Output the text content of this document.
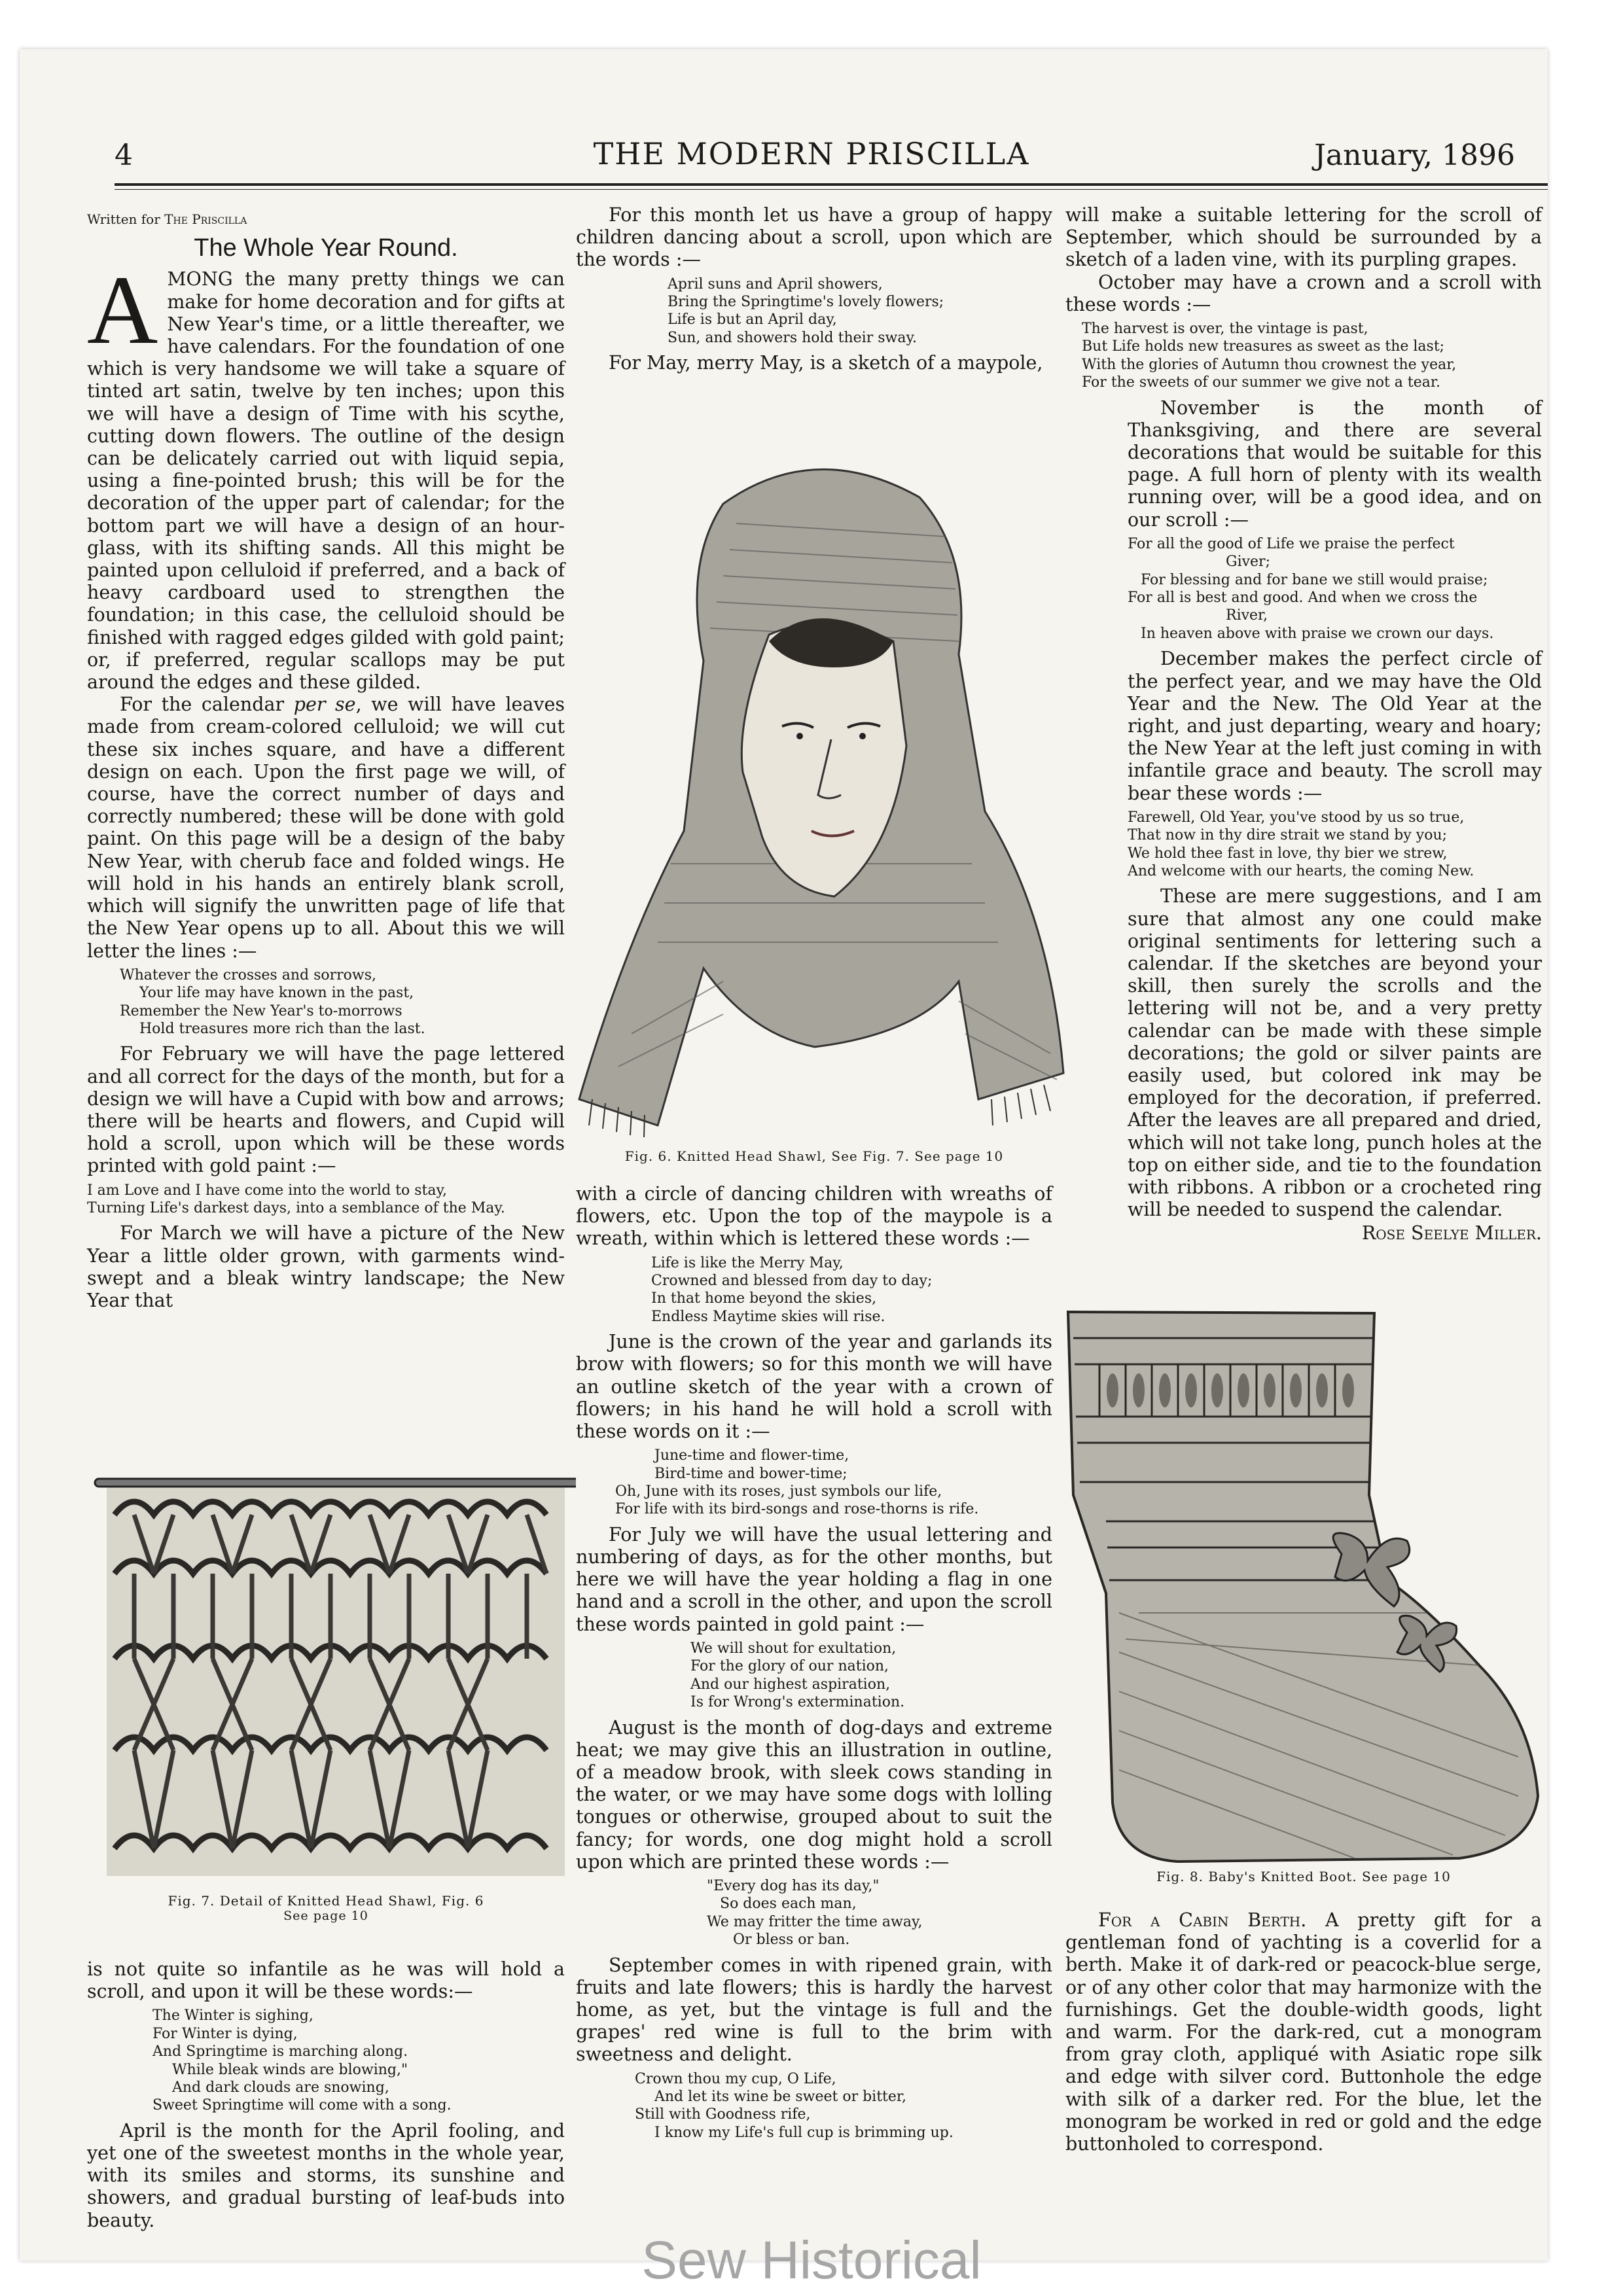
4	THE MODERN PRISCILLA	January, 1896

Written for The Priscilla

The Whole Year Round.

AMONG the many pretty things we can make for home decoration and for gifts at New Year's time, or a little thereafter, we have calendars. For the foundation of one which is very handsome we will take a square of tinted art satin, twelve by ten inches; upon this we will have a design of Time with his scythe, cutting down flowers. The outline of the design can be delicately carried out with liquid sepia, using a fine-pointed brush; this will be for the decoration of the upper part of calendar; for the bottom part we will have a design of an hour-glass, with its shifting sands. All this might be painted upon celluloid if preferred, and a back of heavy cardboard used to strengthen the foundation; in this case, the celluloid should be finished with ragged edges gilded with gold paint; or, if preferred, regular scallops may be put around the edges and these gilded.

For the calendar per se, we will have leaves made from cream-colored celluloid; we will cut these six inches square, and have a different design on each. Upon the first page we will, of course, have the correct number of days and correctly numbered; these will be done with gold paint. On this page will be a design of the baby New Year, with cherub face and folded wings. He will hold in his hands an entirely blank scroll, which will signify the unwritten page of life that the New Year opens up to all. About this we will letter the lines :—

Whatever the crosses and sorrows,
Your life may have known in the past,
Remember the New Year's to-morrows
Hold treasures more rich than the last.

For February we will have the page lettered and all correct for the days of the month, but for a design we will have a Cupid with bow and arrows; there will be hearts and flowers, and Cupid will hold a scroll, upon which will be these words printed with gold paint :—

I am Love and I have come into the world to stay,
Turning Life's darkest days, into a semblance of the May.

For March we will have a picture of the New Year a little older grown, with garments wind-swept and a bleak wintry landscape; the New Year that

Fig. 7. Detail of Knitted Head Shawl, Fig. 6
See page 10

is not quite so infantile as he was will hold a scroll, and upon it will be these words:—

The Winter is sighing,
For Winter is dying,
And Springtime is marching along.
While bleak winds are blowing,"
And dark clouds are snowing,
Sweet Springtime will come with a song.

April is the month for the April fooling, and yet one of the sweetest months in the whole year, with its smiles and storms, its sunshine and showers, and gradual bursting of leaf-buds into beauty.

For this month let us have a group of happy children dancing about a scroll, upon which are the words :—

April suns and April showers,
Bring the Springtime's lovely flowers;
Life is but an April day,
Sun, and showers hold their sway.

For May, merry May, is a sketch of a maypole,

Fig. 6. Knitted Head Shawl, See Fig. 7. See page 10

with a circle of dancing children with wreaths of flowers, etc. Upon the top of the maypole is a wreath, within which is lettered these words :—

Life is like the Merry May,
Crowned and blessed from day to day;
In that home beyond the skies,
Endless Maytime skies will rise.

June is the crown of the year and garlands its brow with flowers; so for this month we will have an outline sketch of the year with a crown of flowers; in his hand he will hold a scroll with these words on it :—

June-time and flower-time,
Bird-time and bower-time;
Oh, June with its roses, just symbols our life,
For life with its bird-songs and rose-thorns is rife.

For July we will have the usual lettering and numbering of days, as for the other months, but here we will have the year holding a flag in one hand and a scroll in the other, and upon the scroll these words painted in gold paint :—

We will shout for exultation,
For the glory of our nation,
And our highest aspiration,
Is for Wrong's extermination.

August is the month of dog-days and extreme heat; we may give this an illustration in outline, of a meadow brook, with sleek cows standing in the water, or we may have some dogs with lolling tongues or otherwise, grouped about to suit the fancy; for words, one dog might hold a scroll upon which are printed these words :—

"Every dog has its day,"
So does each man,
We may fritter the time away,
Or bless or ban.

September comes in with ripened grain, with fruits and late flowers; this is hardly the harvest home, as yet, but the vintage is full and the grapes' red wine is full to the brim with sweetness and delight.

Crown thou my cup, O Life,
And let its wine be sweet or bitter,
Still with Goodness rife,
I know my Life's full cup is brimming up.

will make a suitable lettering for the scroll of September, which should be surrounded by a sketch of a laden vine, with its purpling grapes.

October may have a crown and a scroll with these words :—

The harvest is over, the vintage is past,
But Life holds new treasures as sweet as the last;
With the glories of Autumn thou crownest the year,
For the sweets of our summer we give not a tear.

November is the month of Thanksgiving, and there are several decorations that would be suitable for this page. A full horn of plenty with its wealth running over, will be a good idea, and on our scroll :—

For all the good of Life we praise the perfect
Giver;
For blessing and for bane we still would praise;
For all is best and good. And when we cross the
River,
In heaven above with praise we crown our days.

December makes the perfect circle of the perfect year, and we may have the Old Year and the New. The Old Year at the right, and just departing, weary and hoary; the New Year at the left just coming in with infantile grace and beauty. The scroll may bear these words :—

Farewell, Old Year, you've stood by us so true,
That now in thy dire strait we stand by you;
We hold thee fast in love, thy bier we strew,
And welcome with our hearts, the coming New.

These are mere suggestions, and I am sure that almost any one could make original sentiments for lettering such a calendar. If the sketches are beyond your skill, then surely the scrolls and the lettering will not be, and a very pretty calendar can be made with these simple decorations; the gold or silver paints are easily used, but colored ink may be employed for the decoration, if preferred. After the leaves are all prepared and dried, which will not take long, punch holes at the top on either side, and tie to the foundation with ribbons. A ribbon or a crocheted ring will be needed to suspend the calendar.

Rose Seelye Miller.
Fig. 8. Baby's Knitted Boot. See page 10

For a Cabin Berth. A pretty gift for a gentleman fond of yachting is a coverlid for a berth. Make it of dark-red or peacock-blue serge, or of any other color that may harmonize with the furnishings. Get the double-width goods, light and warm. For the dark-red, cut a monogram from gray cloth, appliqué with Asiatic rope silk and edge with silver cord. Buttonhole the edge with silk of a darker red. For the blue, let the monogram be worked in red or gold and the edge buttonholed to correspond.

Sew Historical
